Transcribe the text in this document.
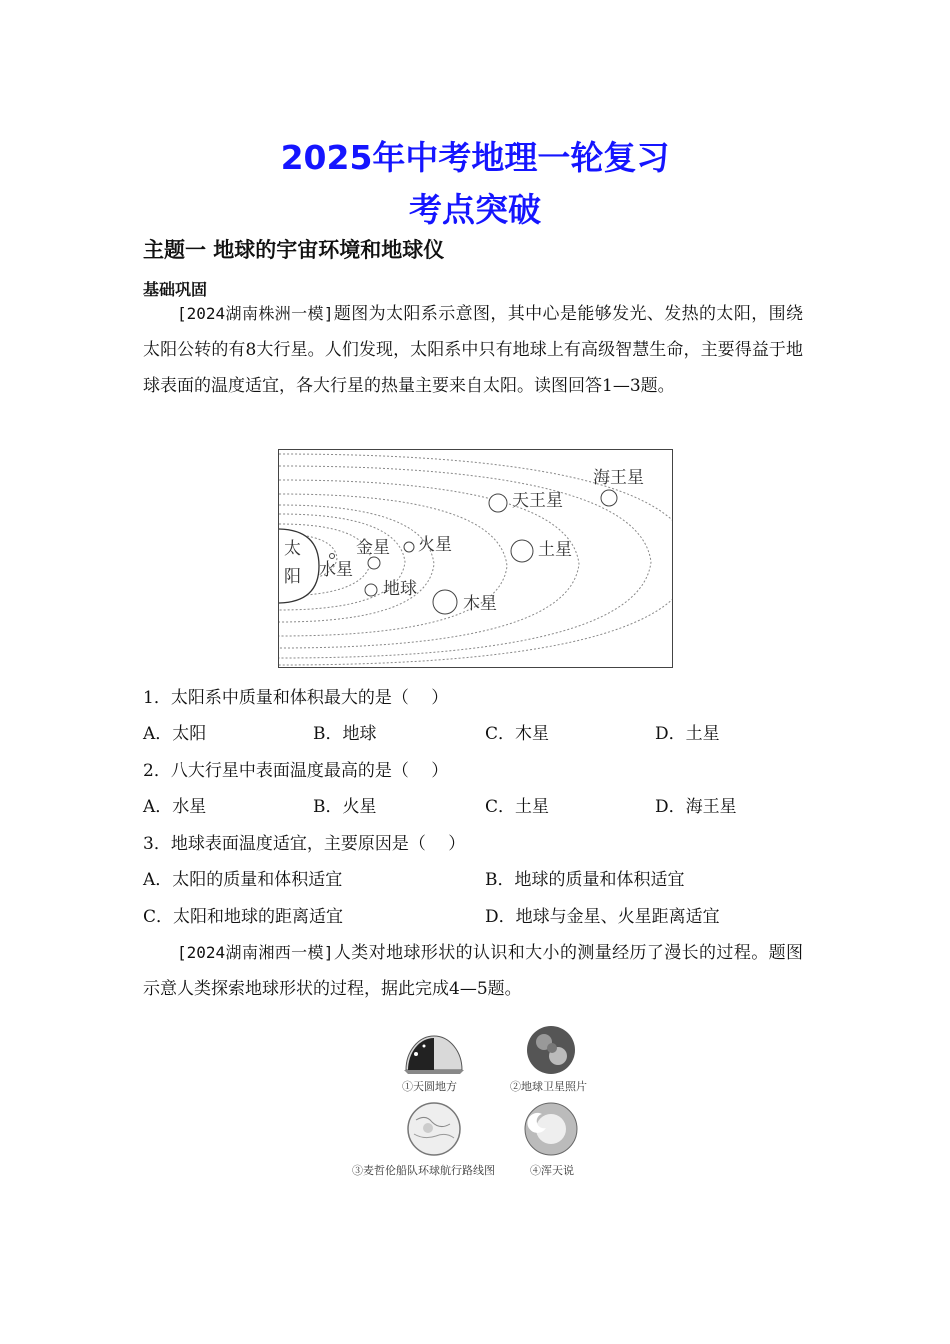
2025年中考地理一轮复习
考点突破
主题一 地球的宇宙环境和地球仪
基础巩固
[2024湖南株洲一模]题图为太阳系示意图，其中心是能够发光、发热的太阳，围绕太阳公转的有8大行星。人们发现，太阳系中只有地球上有高级智慧生命，主要得益于地球表面的温度适宜，各大行星的热量主要来自太阳。读图回答1—3题。
太
阳 水星
金星
地球
火星
木星
土星
天王星
海王星
1．太阳系中质量和体积最大的是（　 ）
A．太阳	B．地球	C．木星	D．土星
2．八大行星中表面温度最高的是（　 ）
A．水星	B．火星	C．土星	D．海王星
3．地球表面温度适宜，主要原因是（　 ）
A．太阳的质量和体积适宜	B．地球的质量和体积适宜
C．太阳和地球的距离适宜	D．地球与金星、火星距离适宜
[2024湖南湘西一模]人类对地球形状的认识和大小的测量经历了漫长的过程。题图示意人类探索地球形状的过程，据此完成4—5题。
①天圆地方	②地球卫星照片
③麦哲伦船队环球航行路线图	④浑天说
